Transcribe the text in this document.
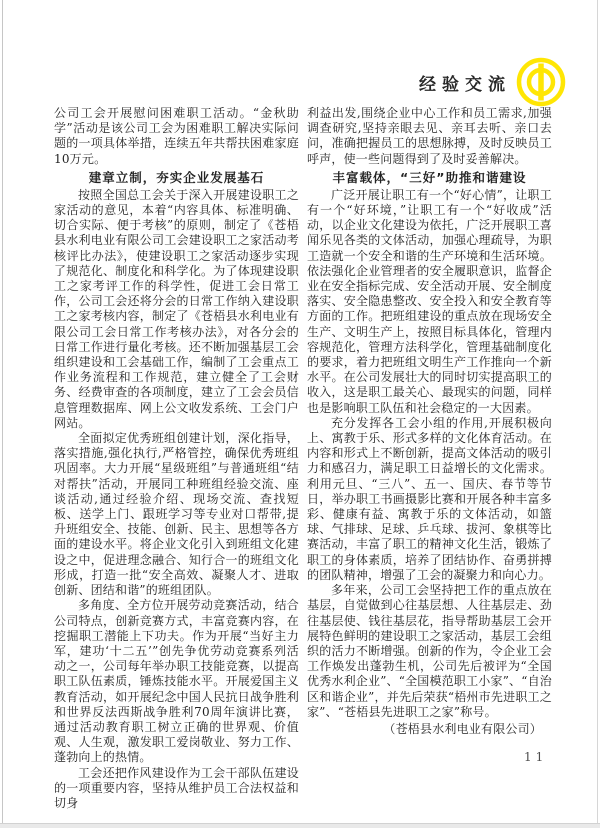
经验交流

公司工会开展慰问困难职工活动。“金秋助学”活动是该公司工会为困难职工解决实际问题的一项具体举措，连续五年共帮扶困难家庭10万元。

建章立制，夯实企业发展基石

按照全国总工会关于深入开展建设职工之家活动的意见，本着“内容具体、标准明确、切合实际、便于考核”的原则，制定了《苍梧县水利电业有限公司工会建设职工之家活动考核评比办法》，使建设职工之家活动逐步实现了规范化、制度化和科学化。为了体现建设职工之家考评工作的科学性，促进工会日常工作，公司工会还将分会的日常工作纳入建设职工之家考核内容，制定了《苍梧县水利电业有限公司工会日常工作考核办法》，对各分会的日常工作进行量化考核。还不断加强基层工会组织建设和工会基础工作，编制了工会重点工作业务流程和工作规范，建立健全了工会财务、经费审查的各项制度，建立了工会会员信息管理数据库、网上公文收发系统、工会门户网站。

全面拟定优秀班组创建计划，深化指导，落实措施,强化执行,严格管控，确保优秀班组巩固率。大力开展“星级班组”与普通班组“结对帮扶”活动，开展同工种班组经验交流、座谈活动,通过经验介绍、现场交流、查找短板、送学上门、跟班学习等专业对口帮带,提升班组安全、技能、创新、民主、思想等各方面的建设水平。将企业文化引入到班组文化建设之中，促进理念融合、知行合一的班组文化形成，打造一批“安全高效、凝聚人才、进取创新、团结和谐”的班组团队。

多角度、全方位开展劳动竞赛活动，结合公司特点，创新竞赛方式，丰富竞赛内容，在挖掘职工潜能上下功夫。作为开展“当好主力军，建功‘十二五’”创先争优劳动竞赛系列活动之一，公司每年举办职工技能竞赛，以提高职工队伍素质，锤炼技能水平。开展爱国主义教育活动，如开展纪念中国人民抗日战争胜利和世界反法西斯战争胜利70周年演讲比赛，通过活动教育职工树立正确的世界观、价值观、人生观，激发职工爱岗敬业、努力工作、蓬勃向上的热情。

工会还把作风建设作为工会干部队伍建设的一项重要内容，坚持从维护员工合法权益和切身

利益出发,围绕企业中心工作和员工需求,加强调查研究,坚持亲眼去见、亲耳去听、亲口去问，准确把握员工的思想脉搏，及时反映员工呼声，使一些问题得到了及时妥善解决。

丰富载体，“三好”助推和谐建设

广泛开展让职工有一个“好心情”，让职工有一个“好环境，”让职工有一个“好收成”活动，以企业文化建设为依托，广泛开展职工喜闻乐见各类的文体活动，加强心理疏导，为职工造就一个安全和谐的生产环境和生活环境。依法强化企业管理者的安全履职意识，监督企业在安全指标完成、安全活动开展、安全制度落实、安全隐患整改、安全投入和安全教育等方面的工作。把班组建设的重点放在现场安全生产、文明生产上，按照目标具体化，管理内容规范化，管理方法科学化，管理基础制度化的要求，着力把班组文明生产工作推向一个新水平。在公司发展壮大的同时切实提高职工的收入，这是职工最关心、最现实的问题，同样也是影响职工队伍和社会稳定的一大因素。

充分发挥各工会小组的作用,开展积极向上、寓教于乐、形式多样的文化体育活动。在内容和形式上不断创新，提高文体活动的吸引力和感召力，满足职工日益增长的文化需求。利用元旦、“三八”、五一、国庆、春节等节日，举办职工书画摄影比赛和开展各种丰富多彩、健康有益、寓教于乐的文体活动，如篮球、气排球、足球、乒乓球、拔河、象棋等比赛活动，丰富了职工的精神文化生活，锻炼了职工的身体素质，培养了团结协作、奋勇拼搏的团队精神，增强了工会的凝聚力和向心力。

多年来，公司工会坚持把工作的重点放在基层，自觉做到心往基层想、人往基层走、劲往基层使、钱往基层花，指导帮助基层工会开展特色鲜明的建设职工之家活动，基层工会组织的活力不断增强。创新的作为，令企业工会工作焕发出蓬勃生机，公司先后被评为“全国优秀水利企业”、“全国模范职工小家”、“自治区和谐企业”，并先后荣获“梧州市先进职工之家”、“苍梧县先进职工之家”称号。

（苍梧县水利电业有限公司）

11
